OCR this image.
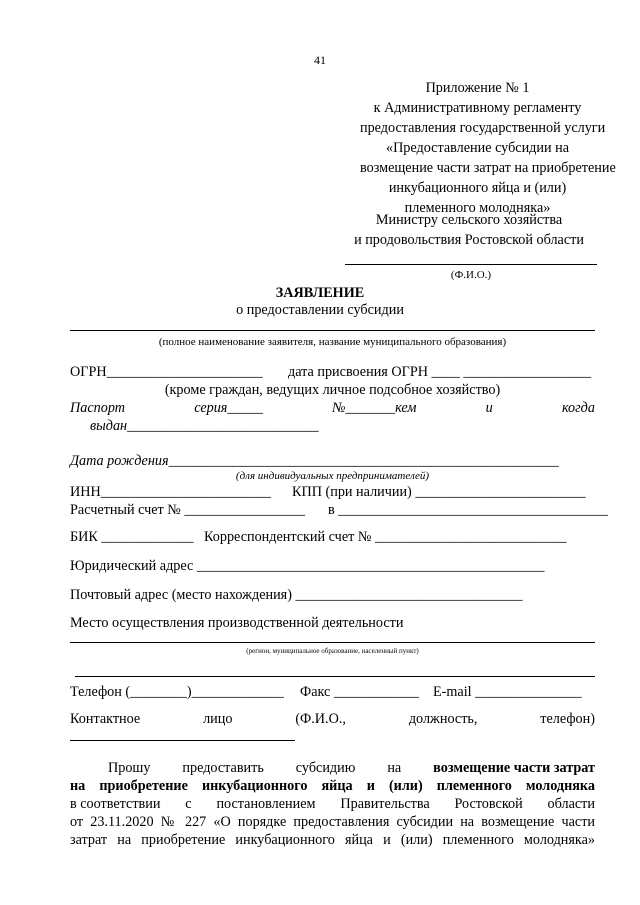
41
Приложение № 1
к Административному регламенту
предоставления государственной услуги
«Предоставление субсидии на
возмещение части затрат на приобретение
инкубационного яйца и (или)
племенного молодняка»
Министру сельского хозяйства
и продовольствия Ростовской области
(Ф.И.О.)
ЗАЯВЛЕНИЕ
о предоставлении субсидии
(полное наименование заявителя, название муниципального образования)
ОГРН______________________ дата присвоения ОГРН ____ __________________
(кроме граждан, ведущих личное подсобное хозяйство)
Паспорт	серия_____	№_______кем	и	когда
выдан___________________________
Дата рождения_______________________________________________________
(для индивидуальных предпринимателей)
ИНН________________________ КПП (при наличии) ________________________
Расчетный счет № _________________ в ______________________________________
БИК _____________ Корреспондентский счет № ___________________________
Юридический адрес _________________________________________________
Почтовый адрес (место нахождения) ________________________________
Место осуществления производственной деятельности
(регион, муниципальное образование, населенный пункт)
Телефон (________)_____________ Факс ____________ E-mail _______________
Контактное	лицо	(Ф.И.О.,	должность,	телефон)
Прошу предоставить субсидию на возмещение части затрат
на приобретение инкубационного яйца и (или) племенного молодняка
в соответствии с постановлением Правительства Ростовской области
от 23.11.2020 № 227 «О порядке предоставления субсидии на возмещение части
затрат на приобретение инкубационного яйца и (или) племенного молодняка»
